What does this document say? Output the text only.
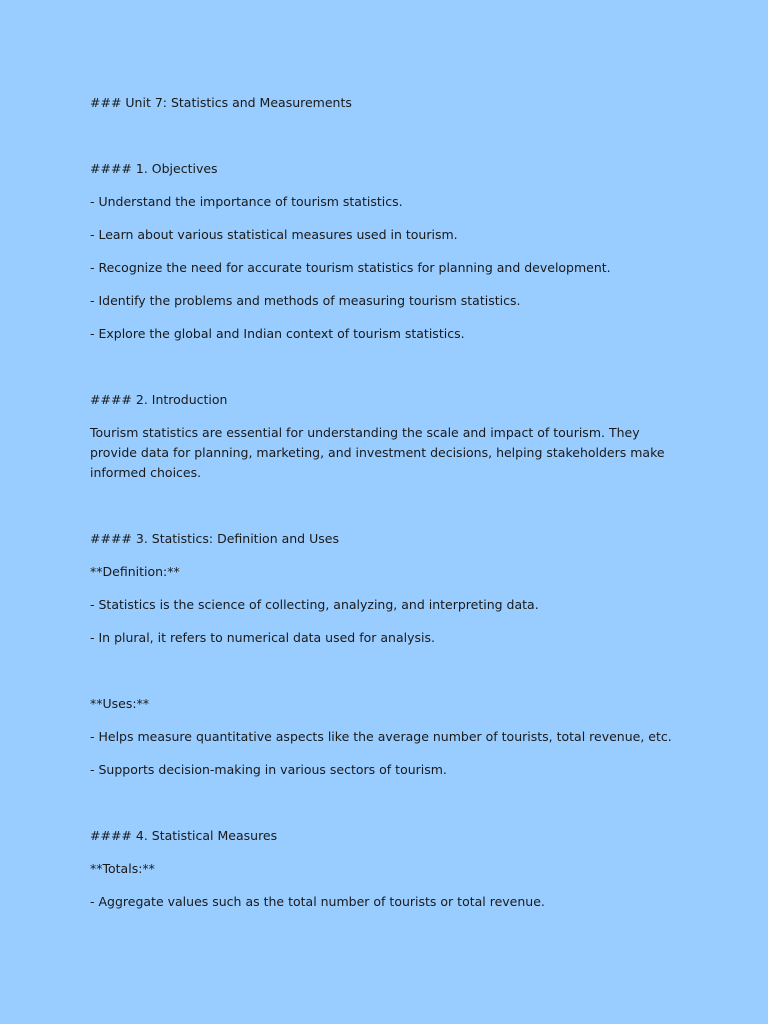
### Unit 7: Statistics and Measurements

#### 1. Objectives

- Understand the importance of tourism statistics.

- Learn about various statistical measures used in tourism.

- Recognize the need for accurate tourism statistics for planning and development.

- Identify the problems and methods of measuring tourism statistics.

- Explore the global and Indian context of tourism statistics.

#### 2. Introduction

Tourism statistics are essential for understanding the scale and impact of tourism. They provide data for planning, marketing, and investment decisions, helping stakeholders make informed choices.

#### 3. Statistics: Definition and Uses

**Definition:**

- Statistics is the science of collecting, analyzing, and interpreting data.

- In plural, it refers to numerical data used for analysis.

**Uses:**

- Helps measure quantitative aspects like the average number of tourists, total revenue, etc.

- Supports decision-making in various sectors of tourism.

#### 4. Statistical Measures

**Totals:**

- Aggregate values such as the total number of tourists or total revenue.
